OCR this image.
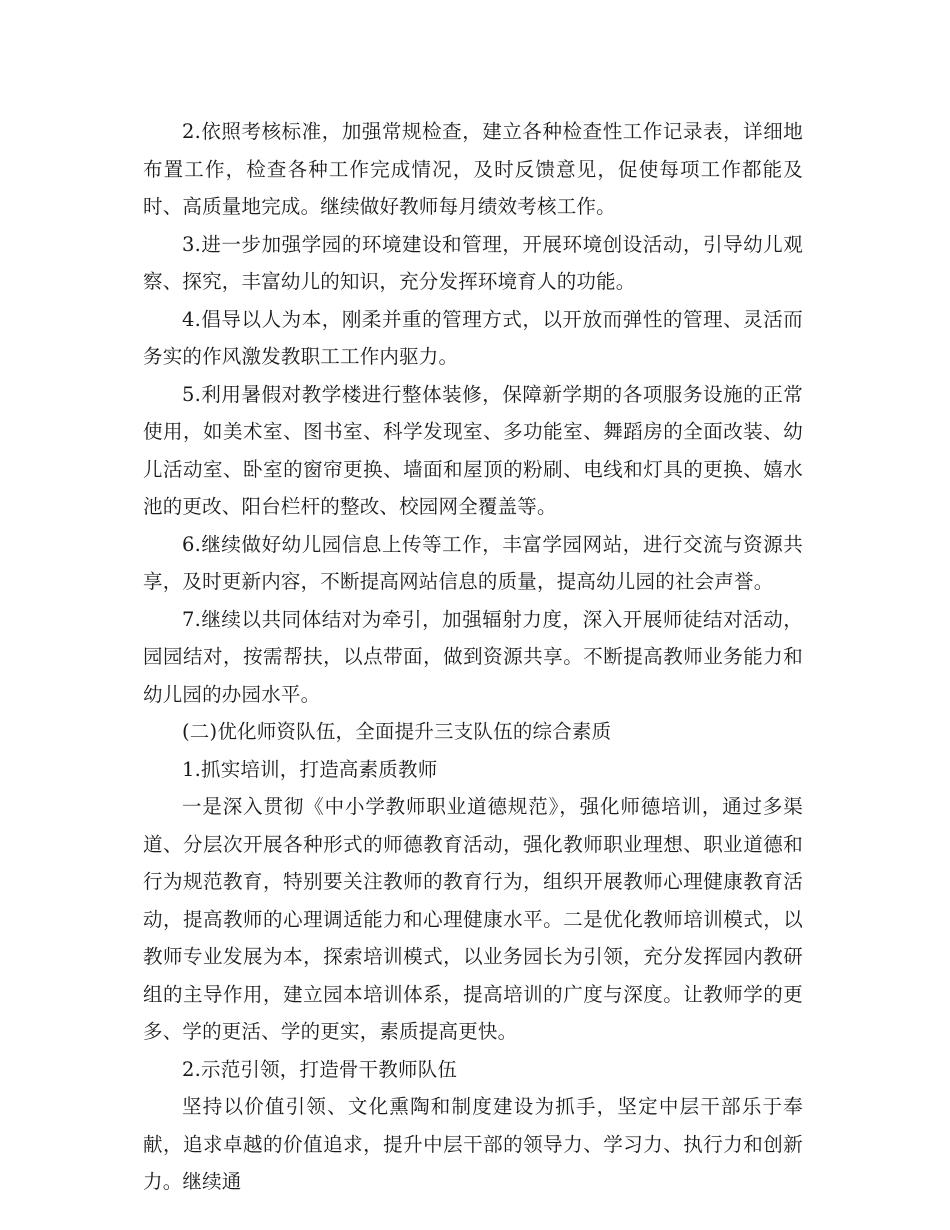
2.依照考核标准，加强常规检查，建立各种检查性工作记录表，详细地布置工作，检查各种工作完成情况，及时反馈意见，促使每项工作都能及时、高质量地完成。继续做好教师每月绩效考核工作。

3.进一步加强学园的环境建设和管理，开展环境创设活动，引导幼儿观察、探究，丰富幼儿的知识，充分发挥环境育人的功能。

4.倡导以人为本，刚柔并重的管理方式，以开放而弹性的管理、灵活而务实的作风激发教职工工作内驱力。

5.利用暑假对教学楼进行整体装修，保障新学期的各项服务设施的正常使用，如美术室、图书室、科学发现室、多功能室、舞蹈房的全面改装、幼儿活动室、卧室的窗帘更换、墙面和屋顶的粉刷、电线和灯具的更换、嬉水池的更改、阳台栏杆的整改、校园网全覆盖等。

6.继续做好幼儿园信息上传等工作，丰富学园网站，进行交流与资源共享，及时更新内容，不断提高网站信息的质量，提高幼儿园的社会声誉。

7.继续以共同体结对为牵引，加强辐射力度，深入开展师徒结对活动，园园结对，按需帮扶，以点带面，做到资源共享。不断提高教师业务能力和幼儿园的办园水平。

(二)优化师资队伍，全面提升三支队伍的综合素质

1.抓实培训，打造高素质教师

一是深入贯彻《中小学教师职业道德规范》，强化师德培训，通过多渠道、分层次开展各种形式的师德教育活动，强化教师职业理想、职业道德和行为规范教育，特别要关注教师的教育行为，组织开展教师心理健康教育活动，提高教师的心理调适能力和心理健康水平。二是优化教师培训模式，以教师专业发展为本，探索培训模式，以业务园长为引领，充分发挥园内教研组的主导作用，建立园本培训体系，提高培训的广度与深度。让教师学的更多、学的更活、学的更实，素质提高更快。

2.示范引领，打造骨干教师队伍

坚持以价值引领、文化熏陶和制度建设为抓手，坚定中层干部乐于奉献，追求卓越的价值追求，提升中层干部的领导力、学习力、执行力和创新力。继续通
